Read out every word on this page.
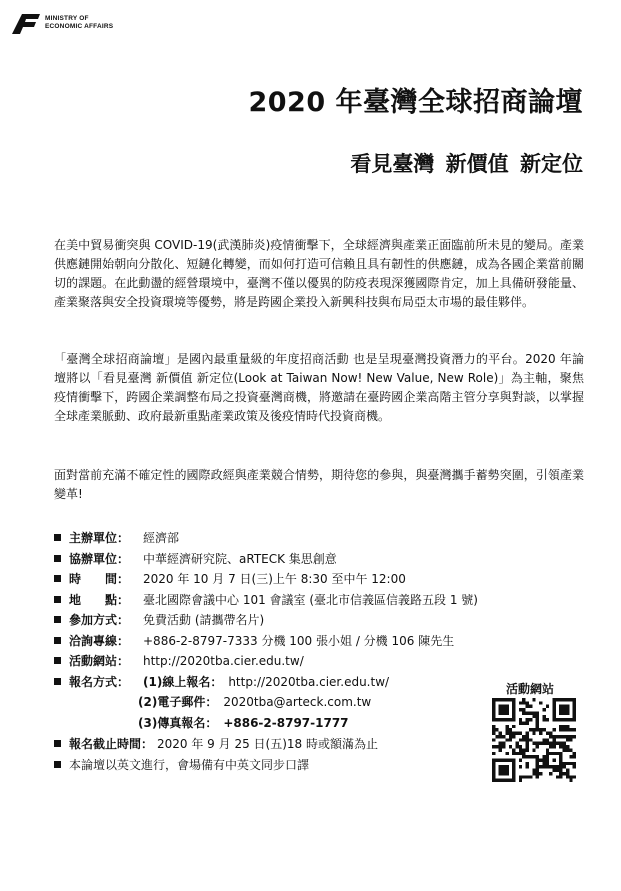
MINISTRY OF
ECONOMIC AFFAIRS
2020 年臺灣全球招商論壇
看見臺灣 新價值 新定位
在美中貿易衝突與 COVID-19(武漢肺炎)疫情衝擊下，全球經濟與產業正面臨前所未見的變局。產業供應鏈開始朝向分散化、短鏈化轉變，而如何打造可信賴且具有韌性的供應鏈，成為各國企業當前關切的課題。在此動盪的經營環境中，臺灣不僅以優異的防疫表現深獲國際肯定，加上具備研發能量、產業聚落與安全投資環境等優勢，將是跨國企業投入新興科技與布局亞太市場的最佳夥伴。
「臺灣全球招商論壇」是國內最重量級的年度招商活動 也是呈現臺灣投資潛力的平台。2020 年論壇將以「看見臺灣 新價值 新定位(Look at Taiwan Now! New Value, New Role)」為主軸，聚焦疫情衝擊下，跨國企業調整布局之投資臺灣商機，將邀請在臺跨國企業高階主管分享與對談，以掌握全球產業脈動、政府最新重點產業政策及後疫情時代投資商機。
面對當前充滿不確定性的國際政經與產業競合情勢，期待您的參與，與臺灣攜手蓄勢突圍，引領產業變革!
主辦單位：	經濟部
協辦單位：	中華經濟研究院、aRTECK 集思創意
時　　間：	2020 年 10 月 7 日(三)上午 8:30 至中午 12:00
地　　點：	臺北國際會議中心 101 會議室 (臺北市信義區信義路五段 1 號)
參加方式：	免費活動 (請攜帶名片)
洽詢專線：	+886-2-8797-7333 分機 100 張小姐 / 分機 106 陳先生
活動網站：	http://2020tba.cier.edu.tw/
報名方式：	(1)線上報名： http://2020tba.cier.edu.tw/
(2)電子郵件： 2020tba@arteck.com.tw
(3)傳真報名： +886-2-8797-1777
報名截止時間： 2020 年 9 月 25 日(五)18 時或額滿為止
本論壇以英文進行，會場備有中英文同步口譯
活動網站
